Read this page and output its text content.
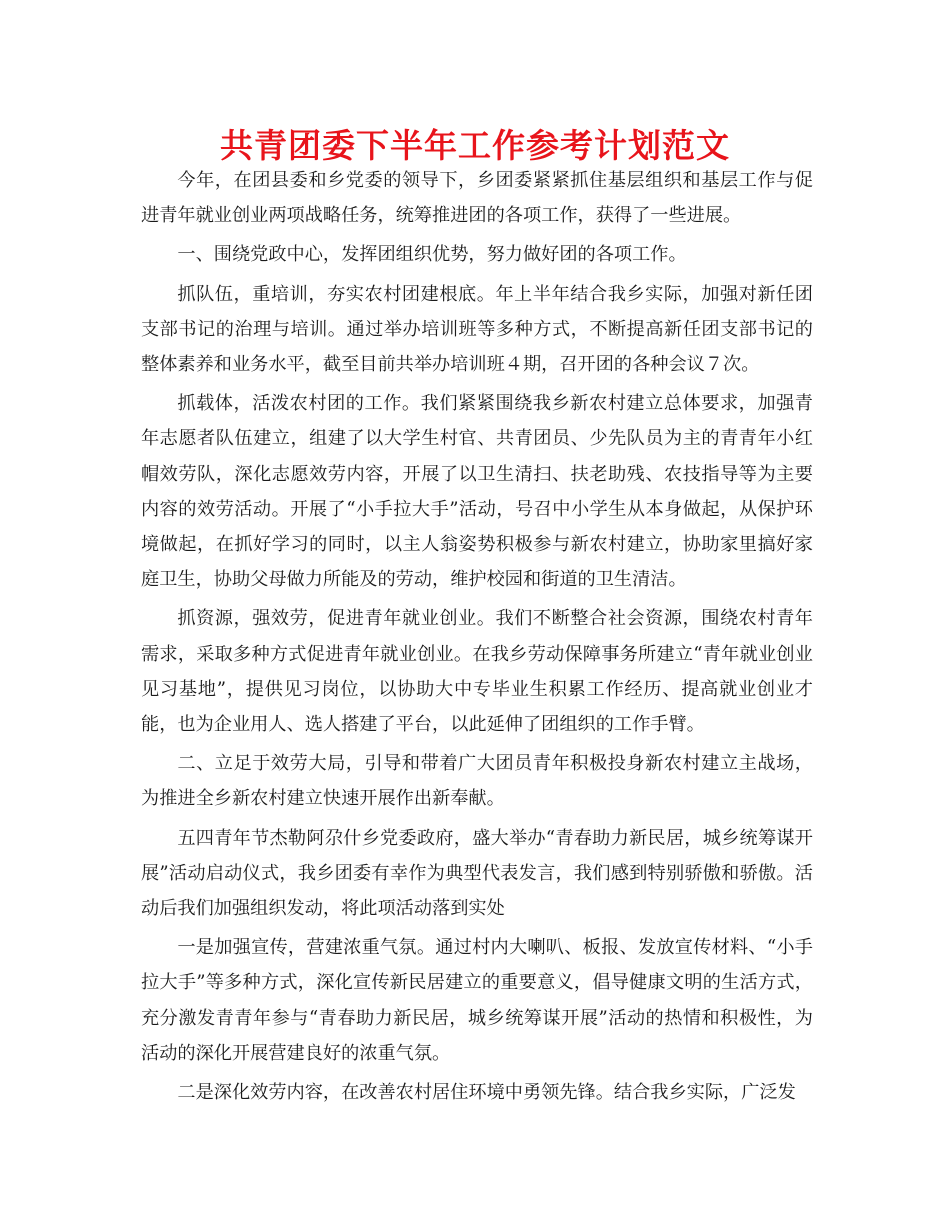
共青团委下半年工作参考计划范文

今年，在团县委和乡党委的领导下，乡团委紧紧抓住基层组织和基层工作与促进青年就业创业两项战略任务，统筹推进团的各项工作，获得了一些进展。

一、围绕党政中心，发挥团组织优势，努力做好团的各项工作。

抓队伍，重培训，夯实农村团建根底。年上半年结合我乡实际，加强对新任团支部书记的治理与培训。通过举办培训班等多种方式，不断提高新任团支部书记的整体素养和业务水平，截至目前共举办培训班４期，召开团的各种会议７次。

抓载体，活泼农村团的工作。我们紧紧围绕我乡新农村建立总体要求，加强青年志愿者队伍建立，组建了以大学生村官、共青团员、少先队员为主的青青年小红帽效劳队，深化志愿效劳内容，开展了以卫生清扫、扶老助残、农技指导等为主要内容的效劳活动。开展了“小手拉大手”活动，号召中小学生从本身做起，从保护环境做起，在抓好学习的同时，以主人翁姿势积极参与新农村建立，协助家里搞好家庭卫生，协助父母做力所能及的劳动，维护校园和街道的卫生清洁。

抓资源，强效劳，促进青年就业创业。我们不断整合社会资源，围绕农村青年需求，采取多种方式促进青年就业创业。在我乡劳动保障事务所建立“青年就业创业见习基地”，提供见习岗位，以协助大中专毕业生积累工作经历、提高就业创业才能，也为企业用人、选人搭建了平台，以此延伸了团组织的工作手臂。

二、立足于效劳大局，引导和带着广大团员青年积极投身新农村建立主战场，为推进全乡新农村建立快速开展作出新奉献。

五四青年节杰勒阿尕什乡党委政府，盛大举办“青春助力新民居，城乡统筹谋开展”活动启动仪式，我乡团委有幸作为典型代表发言，我们感到特别骄傲和骄傲。活动后我们加强组织发动，将此项活动落到实处

一是加强宣传，营建浓重气氛。通过村内大喇叭、板报、发放宣传材料、“小手拉大手”等多种方式，深化宣传新民居建立的重要意义，倡导健康文明的生活方式，充分激发青青年参与“青春助力新民居，城乡统筹谋开展”活动的热情和积极性，为活动的深化开展营建良好的浓重气氛。

二是深化效劳内容，在改善农村居住环境中勇领先锋。结合我乡实际，广泛发
